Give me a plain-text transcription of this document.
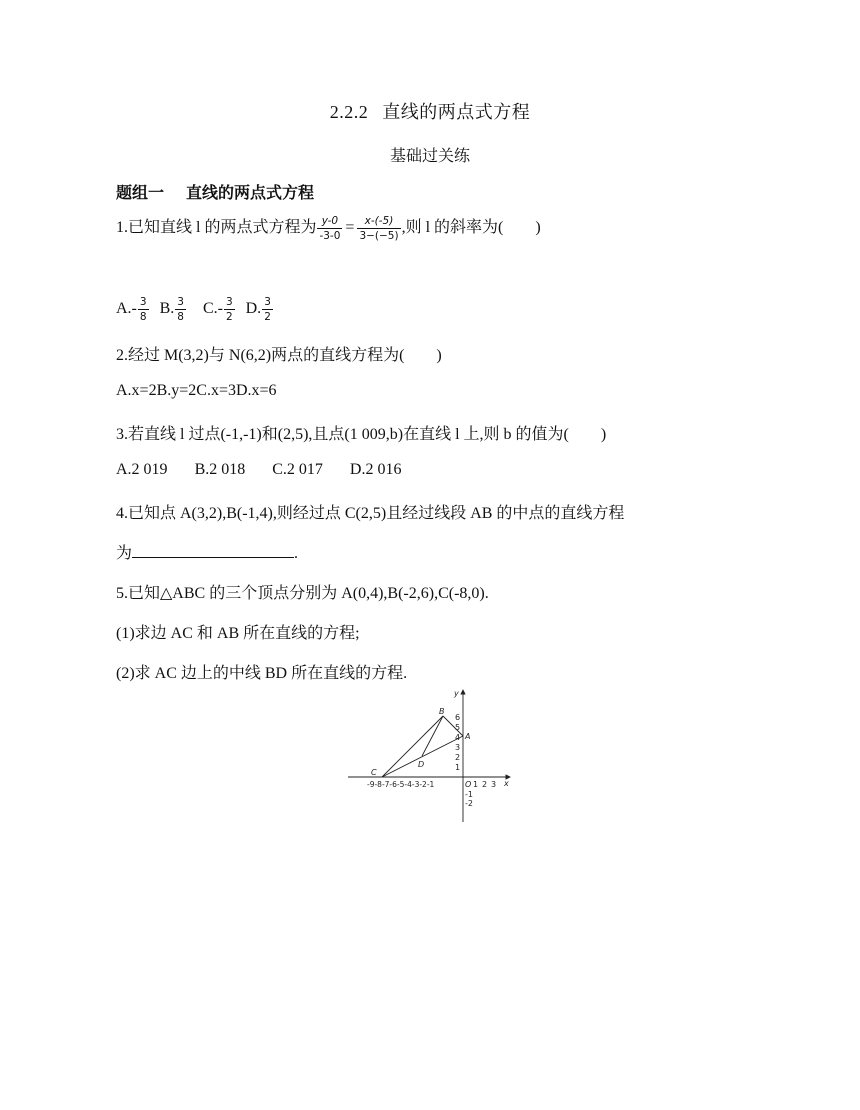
2.2.2 直线的两点式方程
基础过关练
题组一 直线的两点式方程
1.已知直线 l 的两点式方程为 $\frac{y-0}{-3-0} = \frac{x-(-5)}{3-(-5)}$ ,则 l 的斜率为(　　)
$A.- \frac{3}{8} B$. $\frac{3}{8} C.- \frac{3}{2} D$. $\frac{3}{2}$
2.经过 M(3,2)与 N(6,2)两点的直线方程为(　　)
A.x=2B.y=2C.x=3D.x=6
3.若直线 l 过点(-1,-1)和(2,5),且点(1 009,b)在直线 l 上,则 b 的值为(　　)
A.2 019 B.2 018 C.2 017 D.2 016
4.已知点 A(3,2),B(-1,4),则经过点 C(2,5)且经过线段 AB 的中点的直线方程
为	.
5.已知△ABC 的三个顶点分别为 A(0,4),B(-2,6),C(-8,0).
(1)求边 AC 和 AB 所在直线的方程;
(2)求 AC 边上的中线 BD 所在直线的方程.
B
A
C
D
O	x
y
6
5
4
3
2
1
-1
-2
-9-8-7-6-5-4-3-2-1	1 2 3
